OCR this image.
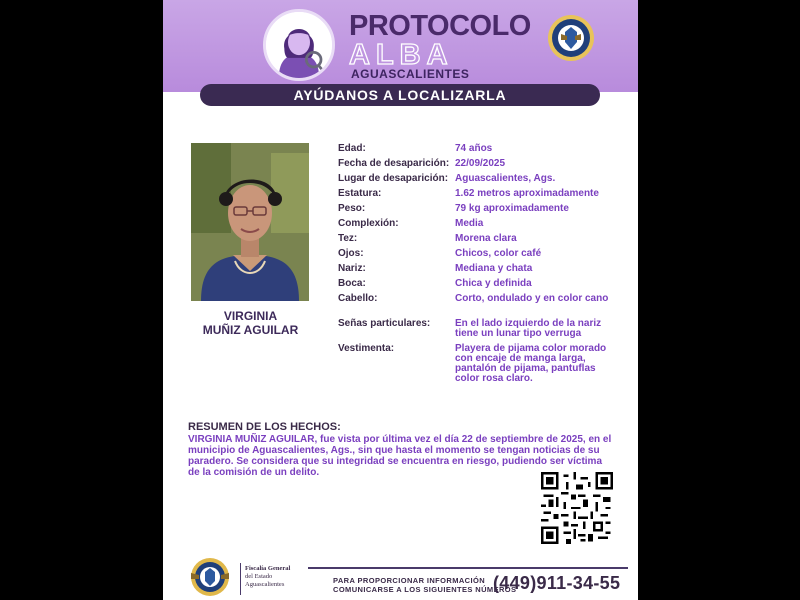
PROTOCOLO
ALBA
AGUASCALIENTES
AYÚDANOS A LOCALIZARLA
VIRGINIA
MUÑIZ AGUILAR
Edad:	74 años
Fecha de desaparición: 22/09/2025
Lugar de desaparición: Aguascalientes, Ags.
Estatura:	1.62 metros aproximadamente
Peso:	79 kg aproximadamente
Complexión:	Media
Tez:	Morena clara
Ojos:	Chicos, color café
Nariz:	Mediana y chata
Boca:	Chica y definida
Cabello:	Corto, ondulado y en color cano
Señas particulares:	En el lado izquierdo de la nariz tiene un lunar tipo verruga
Vestimenta:	Playera de pijama color morado con encaje de manga larga, pantalón de pijama, pantuflas color rosa claro.
RESUMEN DE LOS HECHOS:
VIRGINIA MUÑIZ AGUILAR, fue vista por última vez el día 22 de septiembre de 2025, en el municipio de Aguascalientes, Ags., sin que hasta el momento se tengan noticias de su paradero. Se considera que su integridad se encuentra en riesgo, pudiendo ser víctima de la comisión de un delito.
Fiscalía General
del Estado
Aguascalientes	PARA PROPORCIONAR INFORMACIÓN
COMUNICARSE A LOS SIGUIENTES NÚMEROS
(449)911-34-55
